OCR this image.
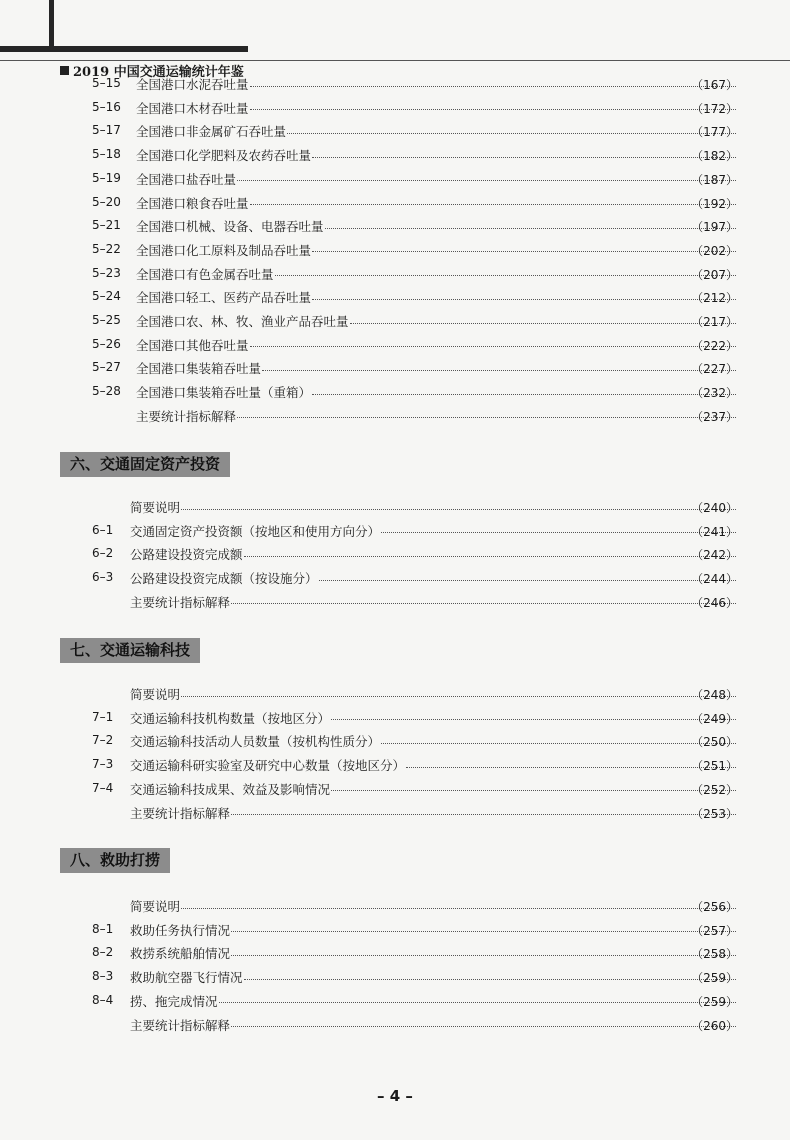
2019 中国交通运输统计年鉴
5–15	全国港口水泥吞吐量	（167）
5–16	全国港口木材吞吐量	（172）
5–17	全国港口非金属矿石吞吐量	（177）
5–18	全国港口化学肥料及农药吞吐量	（182）
5–19	全国港口盐吞吐量	（187）
5–20	全国港口粮食吞吐量	（192）
5–21	全国港口机械、设备、电器吞吐量	（197）
5–22	全国港口化工原料及制品吞吐量	（202）
5–23	全国港口有色金属吞吐量	（207）
5–24	全国港口轻工、医药产品吞吐量	（212）
5–25	全国港口农、林、牧、渔业产品吞吐量	（217）
5–26	全国港口其他吞吐量	（222）
5–27	全国港口集装箱吞吐量	（227）
5–28	全国港口集装箱吞吐量（重箱）	（232）
主要统计指标解释	（237）
六、交通固定资产投资
简要说明	（240）
6–1	交通固定资产投资额（按地区和使用方向分）	（241）
6–2	公路建设投资完成额	（242）
6–3	公路建设投资完成额（按设施分）	（244）
主要统计指标解释	（246）
七、交通运输科技
简要说明	（248）
7–1	交通运输科技机构数量（按地区分）	（249）
7–2	交通运输科技活动人员数量（按机构性质分）	（250）
7–3	交通运输科研实验室及研究中心数量（按地区分）	（251）
7–4	交通运输科技成果、效益及影响情况	（252）
主要统计指标解释	（253）
八、救助打捞
简要说明	（256）
8–1	救助任务执行情况	（257）
8–2	救捞系统船舶情况	（258）
8–3	救助航空器飞行情况	（259）
8–4	捞、拖完成情况	（259）
主要统计指标解释	（260）
– 4 –
